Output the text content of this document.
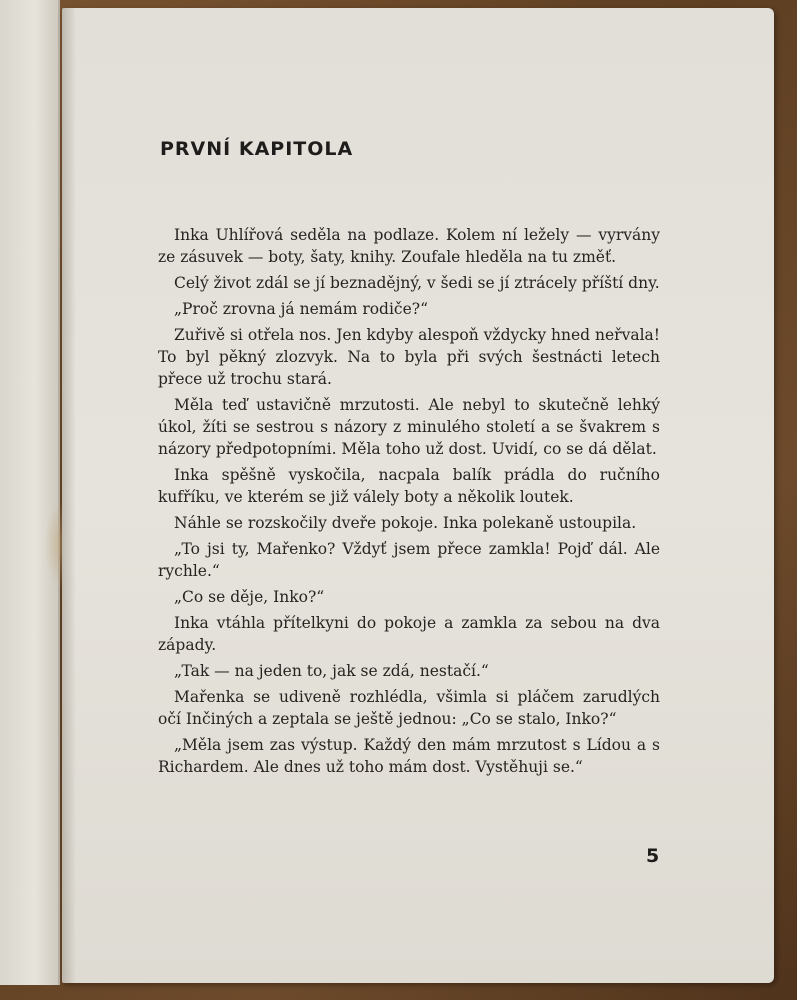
PRVNÍ KAPITOLA

Inka Uhlířová seděla na podlaze. Kolem ní ležely — vyrvány ze zásuvek — boty, šaty, knihy. Zoufale hleděla na tu změť.

Celý život zdál se jí beznadějný, v šedi se jí ztrácely příští dny.

„Proč zrovna já nemám rodiče?“

Zuřivě si otřela nos. Jen kdyby alespoň vždycky hned neřvala! To byl pěkný zlozvyk. Na to byla při svých šestnácti letech přece už trochu stará.

Měla teď ustavičně mrzutosti. Ale nebyl to skutečně lehký úkol, žíti se sestrou s názory z minulého století a se švakrem s názory předpotopními. Měla toho už dost. Uvidí, co se dá dělat.

Inka spěšně vyskočila, nacpala balík prádla do ručního kufříku, ve kterém se již válely boty a několik loutek.

Náhle se rozskočily dveře pokoje. Inka polekaně ustoupila.

„To jsi ty, Mařenko? Vždyť jsem přece zamkla! Pojď dál. Ale rychle.“

„Co se děje, Inko?“

Inka vtáhla přítelkyni do pokoje a zamkla za sebou na dva západy.

„Tak — na jeden to, jak se zdá, nestačí.“

Mařenka se udiveně rozhlédla, všimla si pláčem zarudlých očí Inčiných a zeptala se ještě jednou: „Co se stalo, Inko?“

„Měla jsem zas výstup. Každý den mám mrzutost s Lídou a s Richardem. Ale dnes už toho mám dost. Vystěhuji se.“

5
